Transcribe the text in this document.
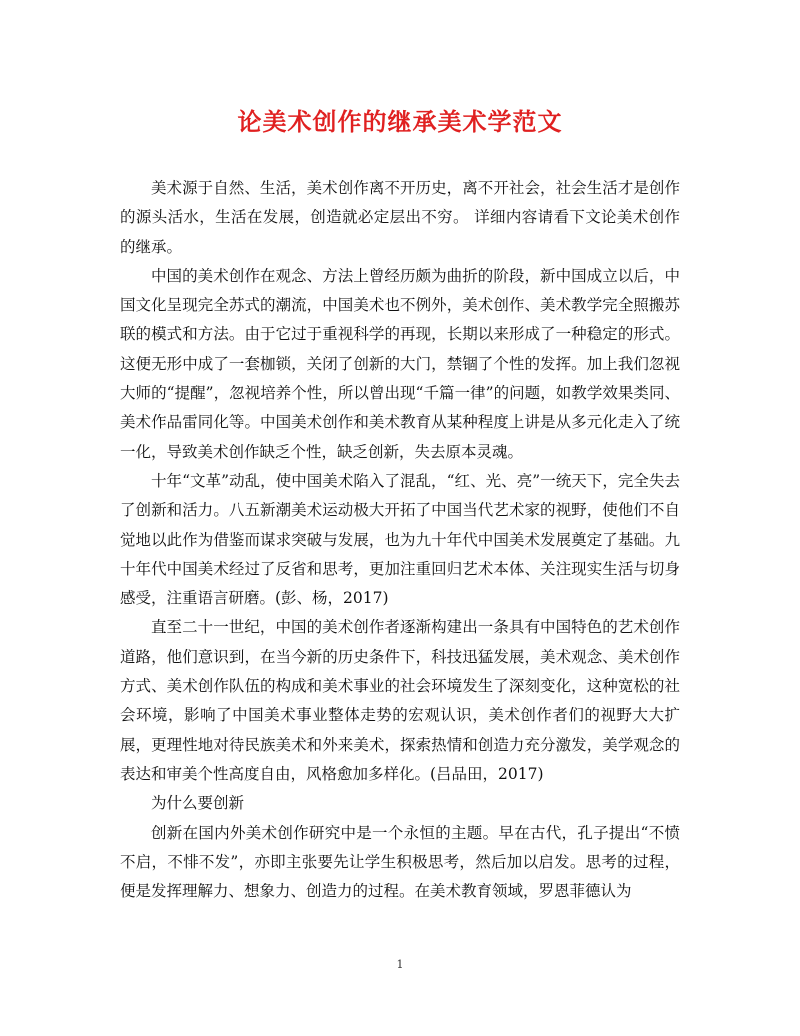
论美术创作的继承美术学范文

美术源于自然、生活，美术创作离不开历史，离不开社会，社会生活才是创作的源头活水，生活在发展，创造就必定层出不穷。 详细内容请看下文论美术创作的继承。

中国的美术创作在观念、方法上曾经历颇为曲折的阶段，新中国成立以后，中国文化呈现完全苏式的潮流，中国美术也不例外，美术创作、美术教学完全照搬苏联的模式和方法。由于它过于重视科学的再现，长期以来形成了一种稳定的形式。这便无形中成了一套枷锁，关闭了创新的大门，禁锢了个性的发挥。加上我们忽视大师的“提醒”，忽视培养个性，所以曾出现“千篇一律”的问题，如教学效果类同、美术作品雷同化等。中国美术创作和美术教育从某种程度上讲是从多元化走入了统一化，导致美术创作缺乏个性，缺乏创新，失去原本灵魂。

十年“文革”动乱，使中国美术陷入了混乱，“红、光、亮”一统天下，完全失去了创新和活力。八五新潮美术运动极大开拓了中国当代艺术家的视野，使他们不自觉地以此作为借鉴而谋求突破与发展，也为九十年代中国美术发展奠定了基础。九十年代中国美术经过了反省和思考，更加注重回归艺术本体、关注现实生活与切身感受，注重语言研磨。(彭、杨，2017)

直至二十一世纪，中国的美术创作者逐渐构建出一条具有中国特色的艺术创作道路，他们意识到，在当今新的历史条件下，科技迅猛发展，美术观念、美术创作方式、美术创作队伍的构成和美术事业的社会环境发生了深刻变化，这种宽松的社会环境，影响了中国美术事业整体走势的宏观认识，美术创作者们的视野大大扩展，更理性地对待民族美术和外来美术，探索热情和创造力充分激发，美学观念的表达和审美个性高度自由，风格愈加多样化。(吕品田，2017)

为什么要创新

创新在国内外美术创作研究中是一个永恒的主题。早在古代，孔子提出“不愤不启，不悱不发”，亦即主张要先让学生积极思考，然后加以启发。思考的过程，便是发挥理解力、想象力、创造力的过程。在美术教育领域，罗恩菲德认为

1
